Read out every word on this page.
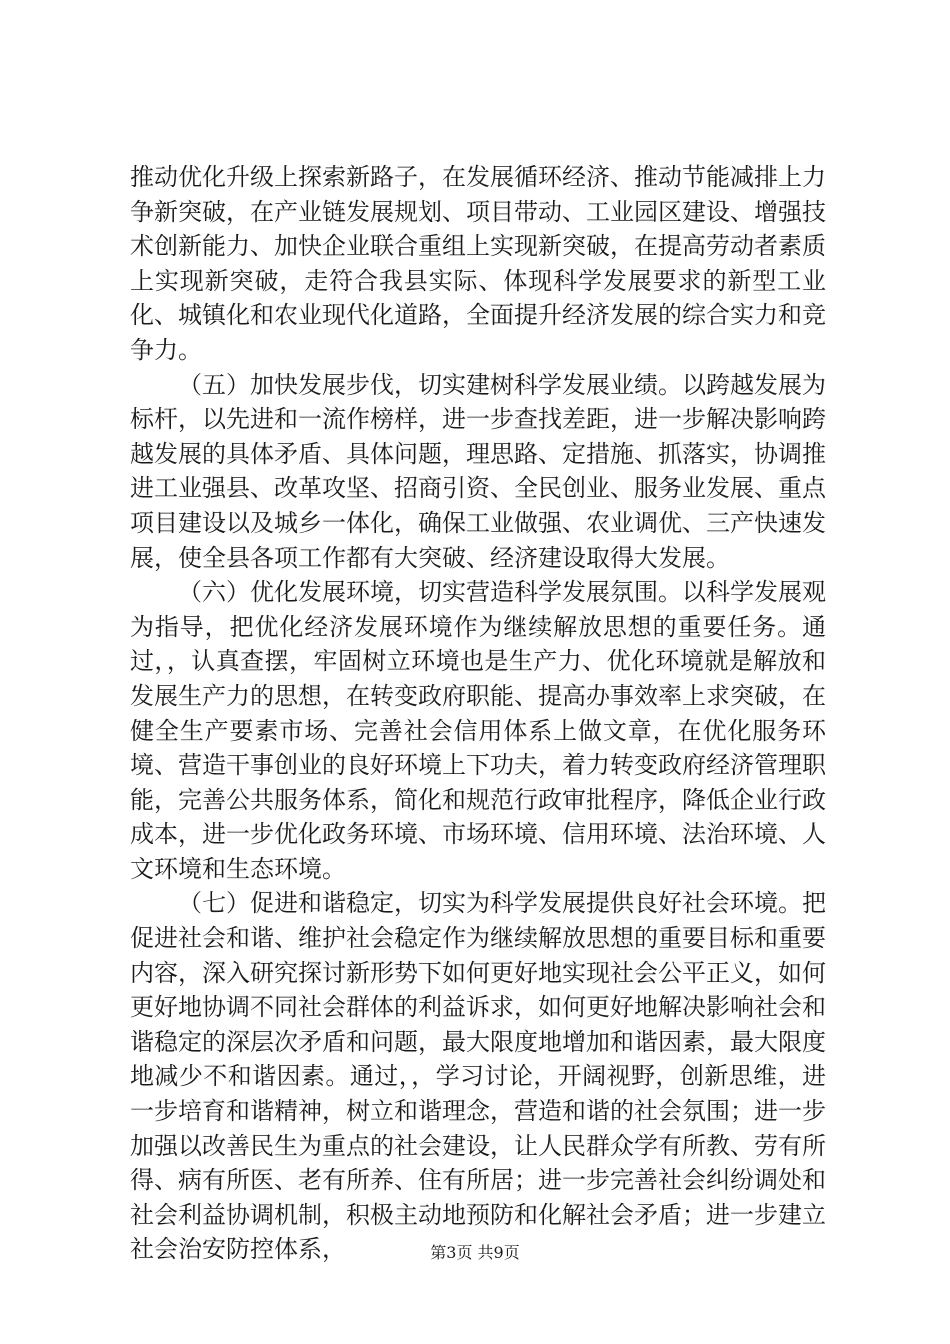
推动优化升级上探索新路子，在发展循环经济、推动节能减排上力争新突破，在产业链发展规划、项目带动、工业园区建设、增强技术创新能力、加快企业联合重组上实现新突破，在提高劳动者素质上实现新突破，走符合我县实际、体现科学发展要求的新型工业化、城镇化和农业现代化道路，全面提升经济发展的综合实力和竞争力。

（五）加快发展步伐，切实建树科学发展业绩。以跨越发展为标杆，以先进和一流作榜样，进一步查找差距，进一步解决影响跨越发展的具体矛盾、具体问题，理思路、定措施、抓落实，协调推进工业强县、改革攻坚、招商引资、全民创业、服务业发展、重点项目建设以及城乡一体化，确保工业做强、农业调优、三产快速发展，使全县各项工作都有大突破、经济建设取得大发展。

（六）优化发展环境，切实营造科学发展氛围。以科学发展观为指导，把优化经济发展环境作为继续解放思想的重要任务。通过，，认真查摆，牢固树立环境也是生产力、优化环境就是解放和发展生产力的思想，在转变政府职能、提高办事效率上求突破，在健全生产要素市场、完善社会信用体系上做文章，在优化服务环境、营造干事创业的良好环境上下功夫，着力转变政府经济管理职能，完善公共服务体系，简化和规范行政审批程序，降低企业行政成本，进一步优化政务环境、市场环境、信用环境、法治环境、人文环境和生态环境。

（七）促进和谐稳定，切实为科学发展提供良好社会环境。把促进社会和谐、维护社会稳定作为继续解放思想的重要目标和重要内容，深入研究探讨新形势下如何更好地实现社会公平正义，如何更好地协调不同社会群体的利益诉求，如何更好地解决影响社会和谐稳定的深层次矛盾和问题，最大限度地增加和谐因素，最大限度地减少不和谐因素。通过，，学习讨论，开阔视野，创新思维，进一步培育和谐精神，树立和谐理念，营造和谐的社会氛围；进一步加强以改善民生为重点的社会建设，让人民群众学有所教、劳有所得、病有所医、老有所养、住有所居；进一步完善社会纠纷调处和社会利益协调机制，积极主动地预防和化解社会矛盾；进一步建立社会治安防控体系，	第3页 共9页
